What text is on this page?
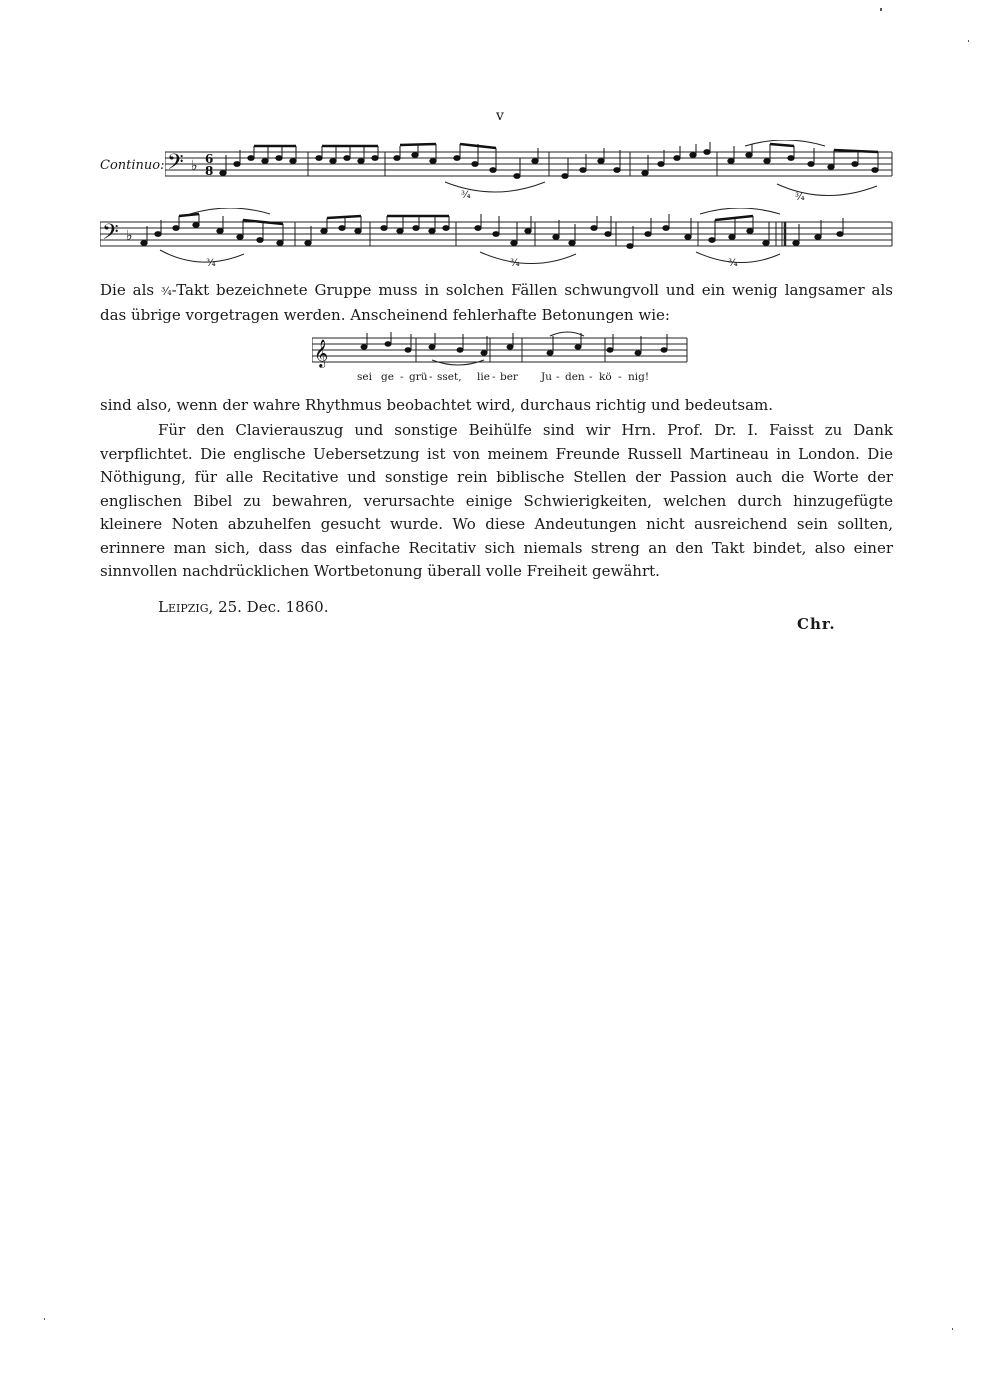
v
Continuo: 𝄢 ♭ 6
8
³⁄₄	³⁄₄
𝄢 ♭
³⁄₄	³⁄₄	³⁄₄
Die als ³⁄₄-Takt bezeichnete Gruppe muss in solchen Fällen schwungvoll und ein wenig langsamer als das übrige vorgetragen werden. Anscheinend fehlerhafte Betonungen wie:
𝄞
sei ge - grü - sset, lie - ber Ju - den - kö - nig!
sind also, wenn der wahre Rhythmus beobachtet wird, durchaus richtig und bedeutsam.
Für den Clavierauszug und sonstige Beihülfe sind wir Hrn. Prof. Dr. I. Faisst zu Dank verpflichtet. Die englische Uebersetzung ist von meinem Freunde Russell Martineau in London. Die Nöthigung, für alle Recitative und sonstige rein biblische Stellen der Passion auch die Worte der englischen Bibel zu bewahren, verursachte einige Schwierigkeiten, welchen durch hinzugefügte kleinere Noten abzuhelfen gesucht wurde. Wo diese Andeutungen nicht ausreichend sein sollten, erinnere man sich, dass das einfache Recitativ sich niemals streng an den Takt bindet, also einer sinnvollen nachdrücklichen Wortbetonung überall volle Freiheit gewährt.
Leipzig, 25. Dec. 1860.
Chr.
